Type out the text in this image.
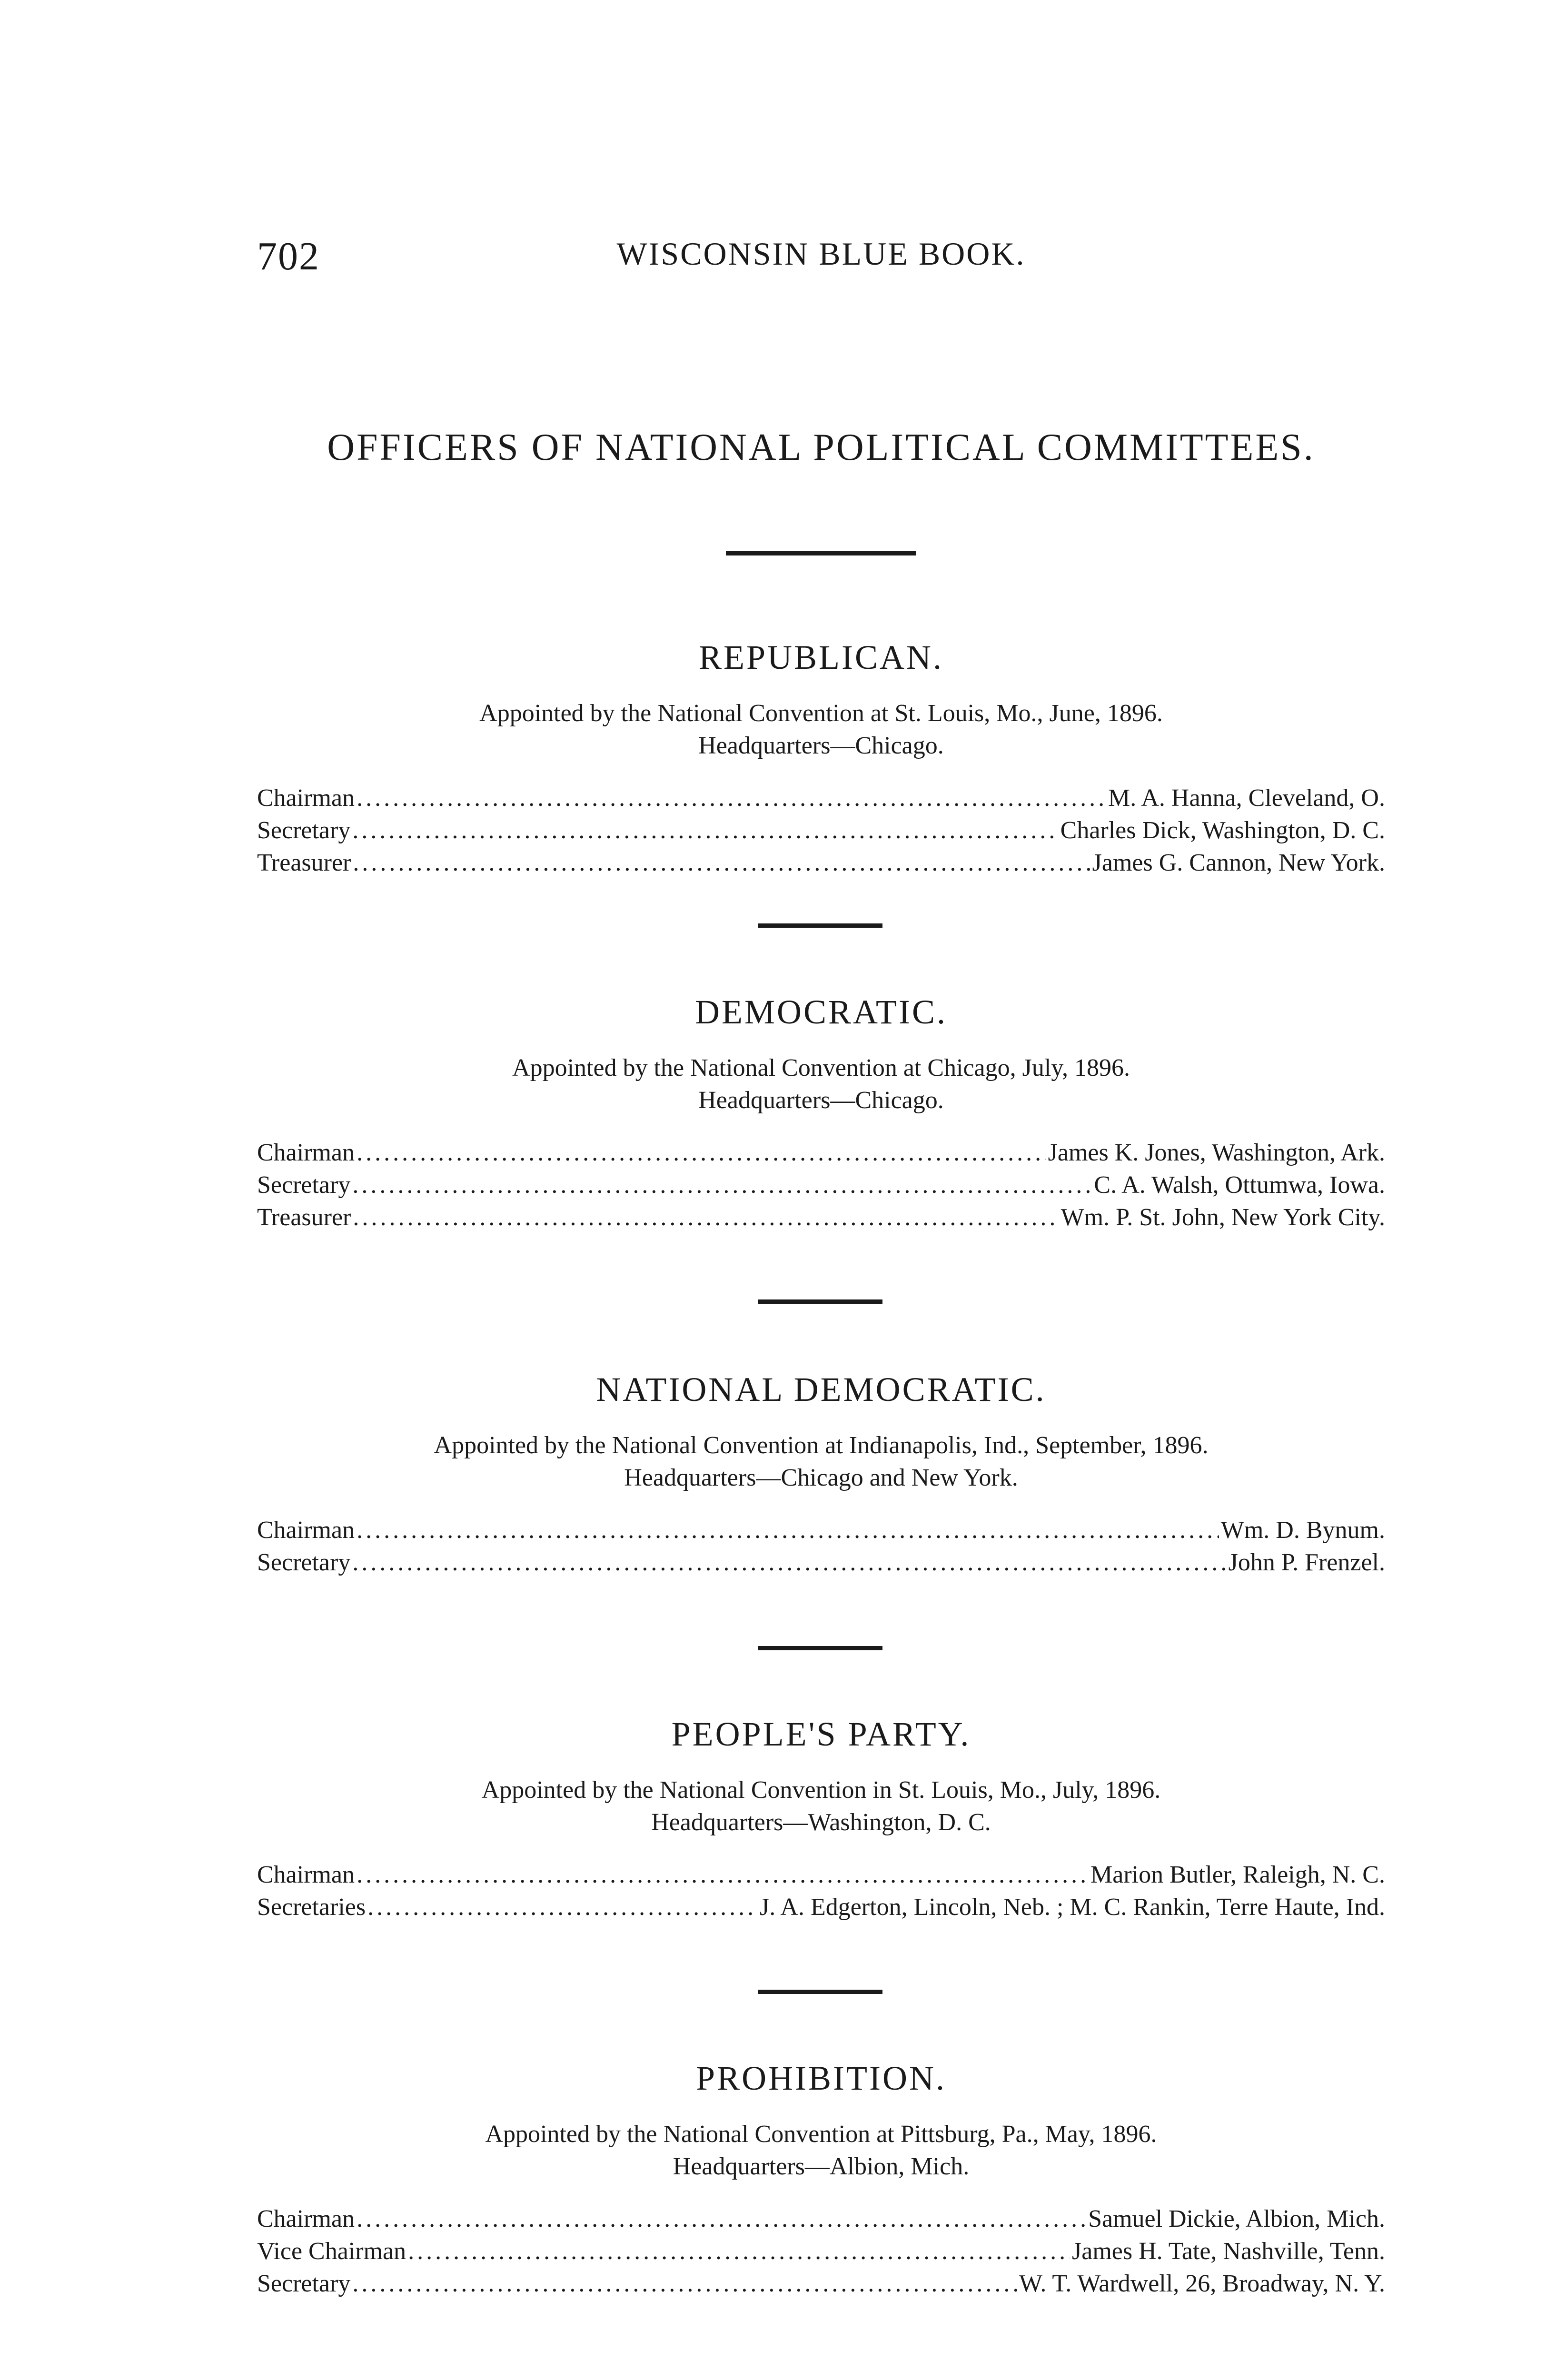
702	WISCONSIN BLUE BOOK.
OFFICERS OF NATIONAL POLITICAL COMMITTEES.
REPUBLICAN.
Appointed by the National Convention at St. Louis, Mo., June, 1896.
Headquarters—Chicago.
Chairman .....	M. A. Hanna, Cleveland, O.
Secretary .....	Charles Dick, Washington, D. C.
Treasurer .....	James G. Cannon, New York.
DEMOCRATIC.
Appointed by the National Convention at Chicago, July, 1896.
Headquarters—Chicago.
Chairman .....	James K. Jones, Washington, Ark.
Secretary .....	C. A. Walsh, Ottumwa, Iowa.
Treasurer .....	Wm. P. St. John, New York City.
NATIONAL DEMOCRATIC.
Appointed by the National Convention at Indianapolis, Ind., September, 1896.
Headquarters—Chicago and New York.
Chairman .....	Wm. D. Bynum.
Secretary .....	John P. Frenzel.
PEOPLE'S PARTY.
Appointed by the National Convention in St. Louis, Mo., July, 1896.
Headquarters—Washington, D. C.
Chairman .....	Marion Butler, Raleigh, N. C.
Secretaries .....	J. A. Edgerton, Lincoln, Neb. ; M. C. Rankin, Terre Haute, Ind.
PROHIBITION.
Appointed by the National Convention at Pittsburg, Pa., May, 1896.
Headquarters—Albion, Mich.
Chairman .....	Samuel Dickie, Albion, Mich.
Vice Chairman .....	James H. Tate, Nashville, Tenn.
Secretary .....	W. T. Wardwell, 26, Broadway, N. Y.
